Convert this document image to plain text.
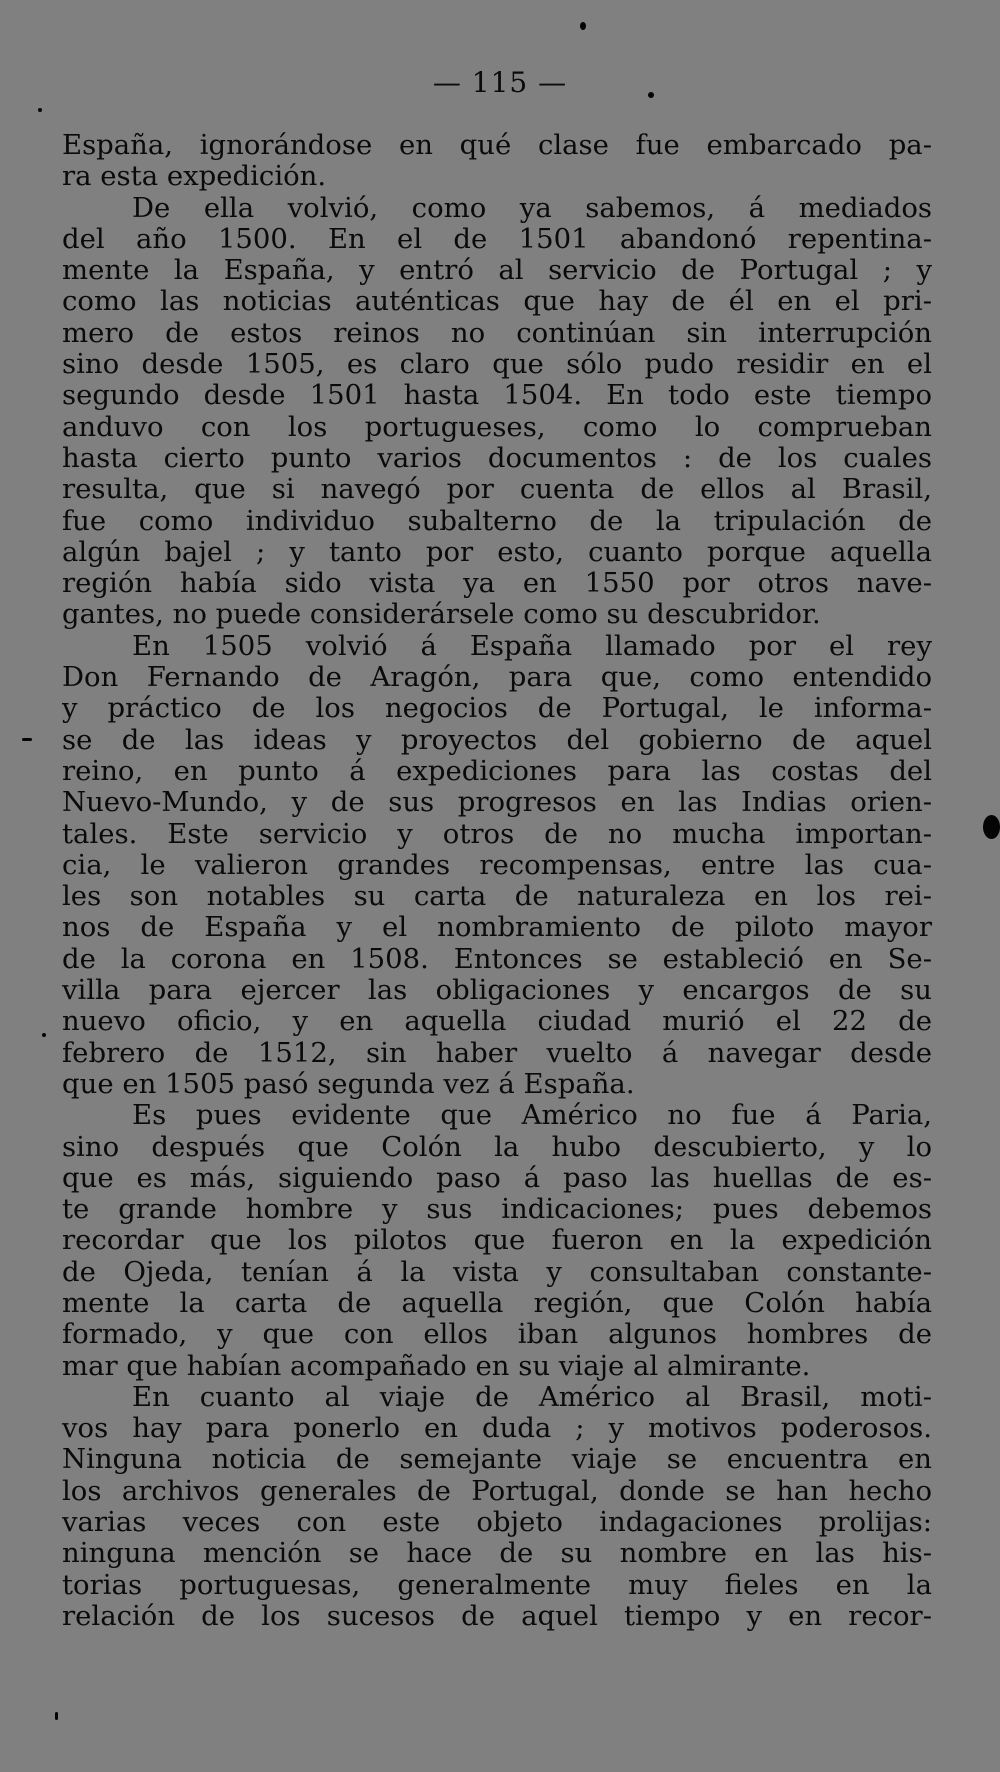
— 115 —
España, ignorándose en qué clase fue embarcado pa-
ra esta expedición.
De ella volvió, como ya sabemos, á mediados
del año 1500. En el de 1501 abandonó repentina-
mente la España, y entró al servicio de Portugal ; y
como las noticias auténticas que hay de él en el pri-
mero de estos reinos no continúan sin interrupción
sino desde 1505, es claro que sólo pudo residir en el
segundo desde 1501 hasta 1504. En todo este tiempo
anduvo con los portugueses, como lo comprueban
hasta cierto punto varios documentos : de los cuales
resulta, que si navegó por cuenta de ellos al Brasil,
fue como individuo subalterno de la tripulación de
algún bajel ; y tanto por esto, cuanto porque aquella
región había sido vista ya en 1550 por otros nave-
gantes, no puede considerársele como su descubridor.
En 1505 volvió á España llamado por el rey
Don Fernando de Aragón, para que, como entendido
y práctico de los negocios de Portugal, le informa-
se de las ideas y proyectos del gobierno de aquel
reino, en punto á expediciones para las costas del
Nuevo-Mundo, y de sus progresos en las Indias orien-
tales. Este servicio y otros de no mucha importan-
cia, le valieron grandes recompensas, entre las cua-
les son notables su carta de naturaleza en los rei-
nos de España y el nombramiento de piloto mayor
de la corona en 1508. Entonces se estableció en Se-
villa para ejercer las obligaciones y encargos de su
nuevo oficio, y en aquella ciudad murió el 22 de
febrero de 1512, sin haber vuelto á navegar desde
que en 1505 pasó segunda vez á España.
Es pues evidente que Américo no fue á Paria,
sino después que Colón la hubo descubierto, y lo
que es más, siguiendo paso á paso las huellas de es-
te grande hombre y sus indicaciones; pues debemos
recordar que los pilotos que fueron en la expedición
de Ojeda, tenían á la vista y consultaban constante-
mente la carta de aquella región, que Colón había
formado, y que con ellos iban algunos hombres de
mar que habían acompañado en su viaje al almirante.
En cuanto al viaje de Américo al Brasil, moti-
vos hay para ponerlo en duda ; y motivos poderosos.
Ninguna noticia de semejante viaje se encuentra en
los archivos generales de Portugal, donde se han hecho
varias veces con este objeto indagaciones prolijas:
ninguna mención se hace de su nombre en las his-
torias portuguesas, generalmente muy fieles en la
relación de los sucesos de aquel tiempo y en recor-
